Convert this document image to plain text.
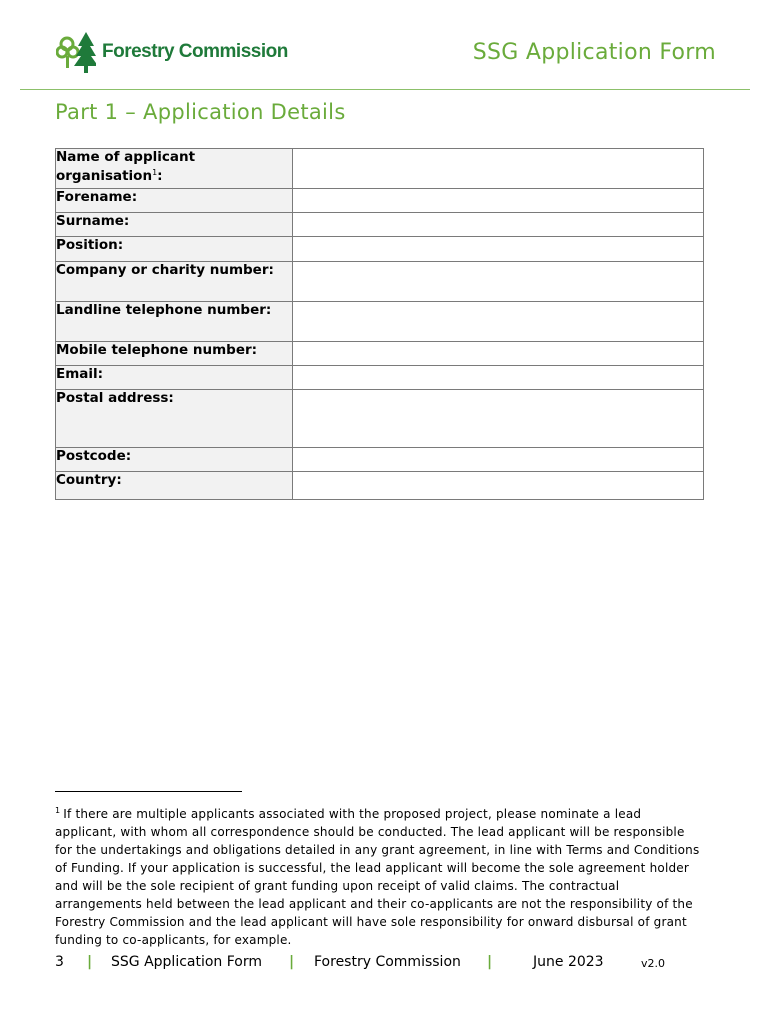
Forestry Commission	SSG Application Form
Part 1 – Application Details
Name of applicant organisation$^1$:	
Forename:	
Surname:	
Position:	
Company or charity number:	
Landline telephone number:	
Mobile telephone number:	
Email:	
Postal address:	
Postcode:	
Country:	
$^1$ If there are multiple applicants associated with the proposed project, please nominate a lead applicant, with whom all correspondence should be conducted. The lead applicant will be responsible for the undertakings and obligations detailed in any grant agreement, in line with Terms and Conditions of Funding. If your application is successful, the lead applicant will become the sole agreement holder and will be the sole recipient of grant funding upon receipt of valid claims. The contractual arrangements held between the lead applicant and their co-applicants are not the responsibility of the Forestry Commission and the lead applicant will have sole responsibility for onward disbursal of grant funding to co-applicants, for example.
3 | SSG Application Form | Forestry Commission |	June 2023	v2.0
